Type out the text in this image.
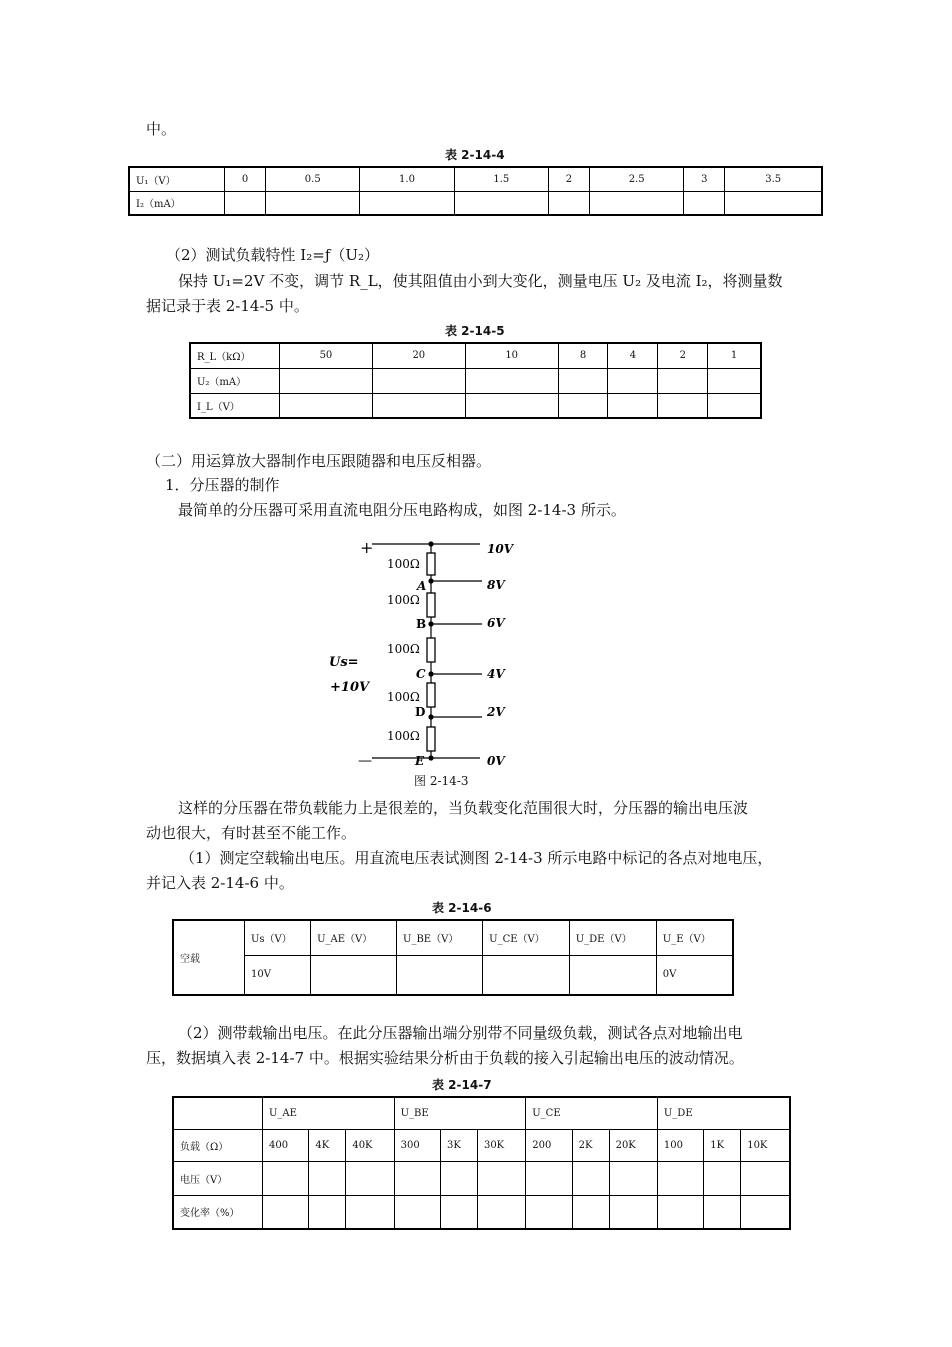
中。
表 2-14-4
U₁（V）	0	0.5	1.0	1.5	2	2.5	3	3.5
I₂（mA）								
（2）测试负载特性 I₂=ƒ（U₂）
保持 U₁=2V 不变，调节 R_L，使其阻值由小到大变化，测量电压 U₂ 及电流 I₂，将测量数
据记录于表 2-14-5 中。
表 2-14-5
R_L（kΩ）	50	20	10	8	4	2	1
U₂（mA）							
I_L（V）							
（二）用运算放大器制作电压跟随器和电压反相器。
1．分压器的制作
最简单的分压器可采用直流电阻分压电路构成，如图 2-14-3 所示。
+
—
Us=
+10V
100Ω
100Ω
100Ω
100Ω
100Ω
A
B
C
D
E
10V
8V
6V
4V
2V
0V
图 2-14-3
这样的分压器在带负载能力上是很差的，当负载变化范围很大时，分压器的输出电压波
动也很大，有时甚至不能工作。
（1）测定空载输出电压。用直流电压表试测图 2-14-3 所示电路中标记的各点对地电压，
并记入表 2-14-6 中。
表 2-14-6
空载	Us（V）	U_AE（V）	U_BE（V）	U_CE（V）	U_DE（V）	U_E（V）
	10V					0V
（2）测带载输出电压。在此分压器输出端分别带不同量级负载，测试各点对地输出电
压，数据填入表 2-14-7 中。根据实验结果分析由于负载的接入引起输出电压的波动情况。
表 2-14-7
	U_AE			U_BE			U_CE			U_DE		
负载（Ω）	400	4K	40K	300	3K	30K	200	2K	20K	100	1K	10K
电压（V）												
变化率（%）												
